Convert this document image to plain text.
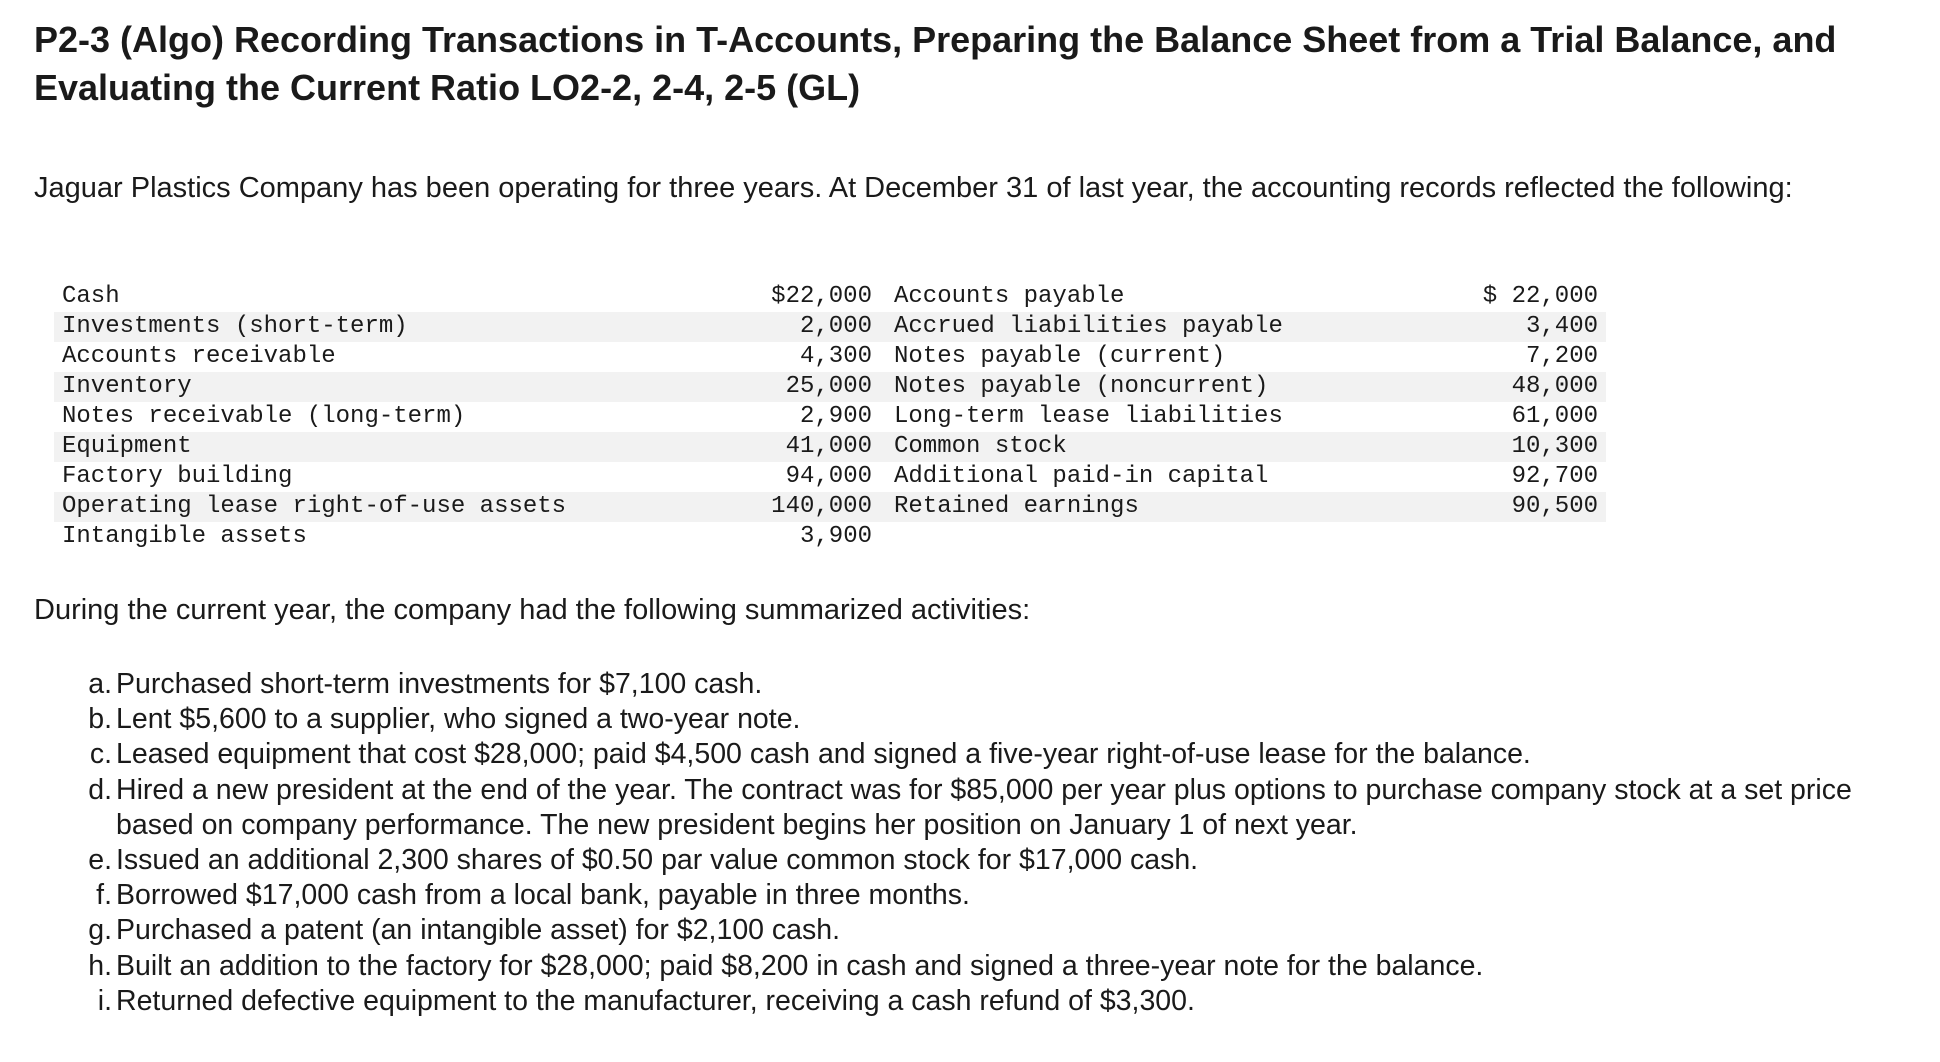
P2-3 (Algo) Recording Transactions in T-Accounts, Preparing the Balance Sheet from a Trial Balance, and Evaluating the Current Ratio LO2-2, 2-4, 2-5 (GL)

Jaguar Plastics Company has been operating for three years. At December 31 of last year, the accounting records reflected the following:

Cash	$22,000	Accounts payable	$ 22,000
Investments (short-term)	2,000	Accrued liabilities payable	3,400
Accounts receivable	4,300	Notes payable (current)	7,200
Inventory	25,000	Notes payable (noncurrent)	48,000
Notes receivable (long-term)	2,900	Long-term lease liabilities	61,000
Equipment	41,000	Common stock	10,300
Factory building	94,000	Additional paid-in capital	92,700
Operating lease right-of-use assets	140,000	Retained earnings	90,500
Intangible assets	3,900		

During the current year, the company had the following summarized activities:

a. Purchased short-term investments for $7,100 cash.
b. Lent $5,600 to a supplier, who signed a two-year note.
c. Leased equipment that cost $28,000; paid $4,500 cash and signed a five-year right-of-use lease for the balance.
d. Hired a new president at the end of the year. The contract was for $85,000 per year plus options to purchase company stock at a set price based on company performance. The new president begins her position on January 1 of next year.
e. Issued an additional 2,300 shares of $0.50 par value common stock for $17,000 cash.
f. Borrowed $17,000 cash from a local bank, payable in three months.
g. Purchased a patent (an intangible asset) for $2,100 cash.
h. Built an addition to the factory for $28,000; paid $8,200 in cash and signed a three-year note for the balance.
i. Returned defective equipment to the manufacturer, receiving a cash refund of $3,300.
